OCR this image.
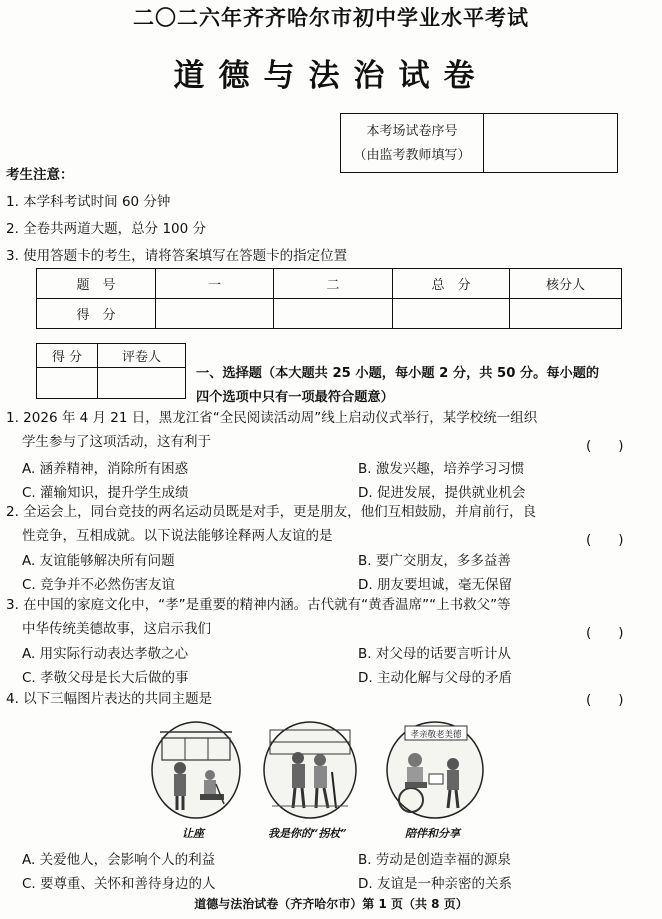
二〇二六年齐齐哈尔市初中学业水平考试
道德与法治试卷
本考场试卷序号
（由监考教师填写）

考生注意：
1. 本学科考试时间 60 分钟
2. 全卷共两道大题，总分 100 分
3. 使用答题卡的考生，请将答案填写在答题卡的指定位置
题　号	一	二	总　分	核分人
得　分				
得 分	评卷人

一、选择题（本大题共 25 小题，每小题 2 分，共 50 分。每小题的
四个选项中只有一项最符合题意）
1. 2026 年 4 月 21 日，黑龙江省“全民阅读活动周”线上启动仪式举行，某学校统一组织
学生参与了这项活动，这有利于	(　　)
A. 涵养精神，消除所有困惑	B. 激发兴趣，培养学习习惯
C. 灌输知识，提升学生成绩	D. 促进发展，提供就业机会
2. 全运会上，同台竞技的两名运动员既是对手，更是朋友，他们互相鼓励，并肩前行，良
性竞争，互相成就。以下说法能够诠释两人友谊的是	(　　)
A. 友谊能够解决所有问题	B. 要广交朋友，多多益善
C. 竞争并不必然伤害友谊	D. 朋友要坦诚，毫无保留
3. 在中国的家庭文化中，“孝”是重要的精神内涵。古代就有“黄香温席”“上书救父”等
中华传统美德故事，这启示我们	(　　)
A. 用实际行动表达孝敬之心	B. 对父母的话要言听计从
C. 孝敬父母是长大后做的事	D. 主动化解与父母的矛盾
4. 以下三幅图片表达的共同主题是	(　　)
让座	我是你的“拐杖”
孝亲敬老美德
陪伴和分享
A. 关爱他人，会影响个人的利益	B. 劳动是创造幸福的源泉
C. 要尊重、关怀和善待身边的人	D. 友谊是一种亲密的关系
道德与法治试卷（齐齐哈尔市）第 1 页（共 8 页）
